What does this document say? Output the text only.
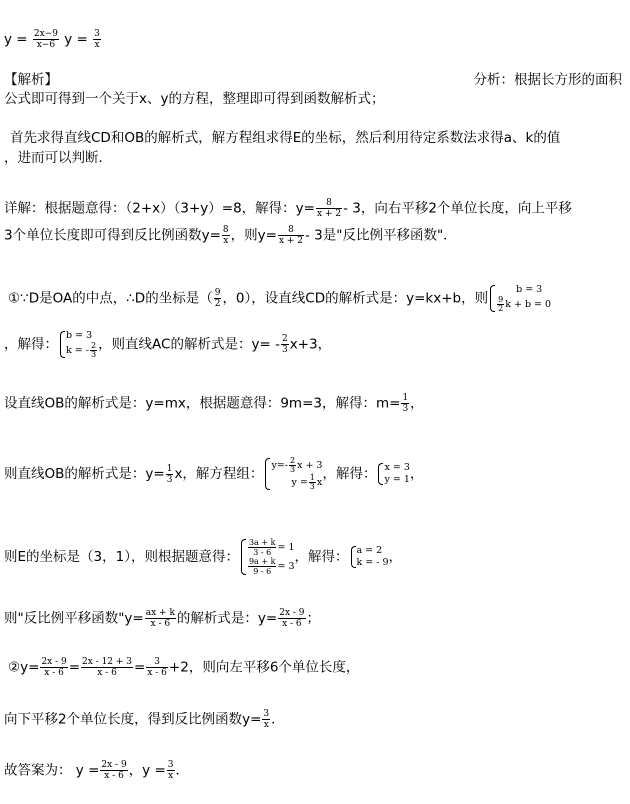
$y = \frac{2x-9}{x-6}$ $y = \frac{3}{x}$
【解析】	分析：根据长方形的面积
公式即可得到一个关于x、y的方程，整理即可得到函数解析式；
首先求得直线CD和OB的解析式，解方程组求得E的坐标，然后利用待定系数法求得a、k的值
，进而可以判断．
详解：根据题意得：（2+x）（3+y）=8，解得：$y= \frac{8}{x + 2} - 3$，向右平移2个单位长度，向上平移
3个单位长度即可得到反比例函数$y= \frac{8}{x}$ ，则$y= \frac{8}{x + 2} - 3$是"反比例平移函数"．
①∵D是OA的中点，∴D的坐标是（ $\frac{9}{2}$ ，0），设直线CD的解析式是：y=kx+b，则
b = 3
$\frac{9}{2}$ k + b = 0
，解得：
b = 3
k = - $\frac{2}{3}$ ，则直线AC的解析式是：$y= - \frac{2}{3} x+3$，
设直线OB的解析式是：y=mx，根据题意得：9m=3，解得：$m= \frac{1}{3}$ ，
则直线OB的解析式是：$y= \frac{1}{3}$ x，解方程组：
$y=- \frac{2}{3}$ x + 3
$y = \frac{1}{3}$ x
，解得： x = 3
y = 1 ，
则E的坐标是（3，1），则根据题意得： $\frac{3a + k}{3 - 6} = 1$
$\frac{9a + k}{9 - 6} = 3$
，解得： a = 2
k = - 9 ，
则"反比例平移函数"$y= \frac{ax + k}{x - 6}$ 的解析式是：$y= \frac{2x - 9}{x - 6}$ ；
②y= $\frac{2x - 9}{x - 6} = \frac{2x - 12 + 3}{x - 6} = \frac{3}{x - 6} +2$，则向左平移6个单位长度，
向下平移2个单位长度，得到反比例函数$y= \frac{3}{x}$ ．
故答案为： $y = \frac{2x - 9}{x - 6}$ ，$y = \frac{3}{x}$ ．
